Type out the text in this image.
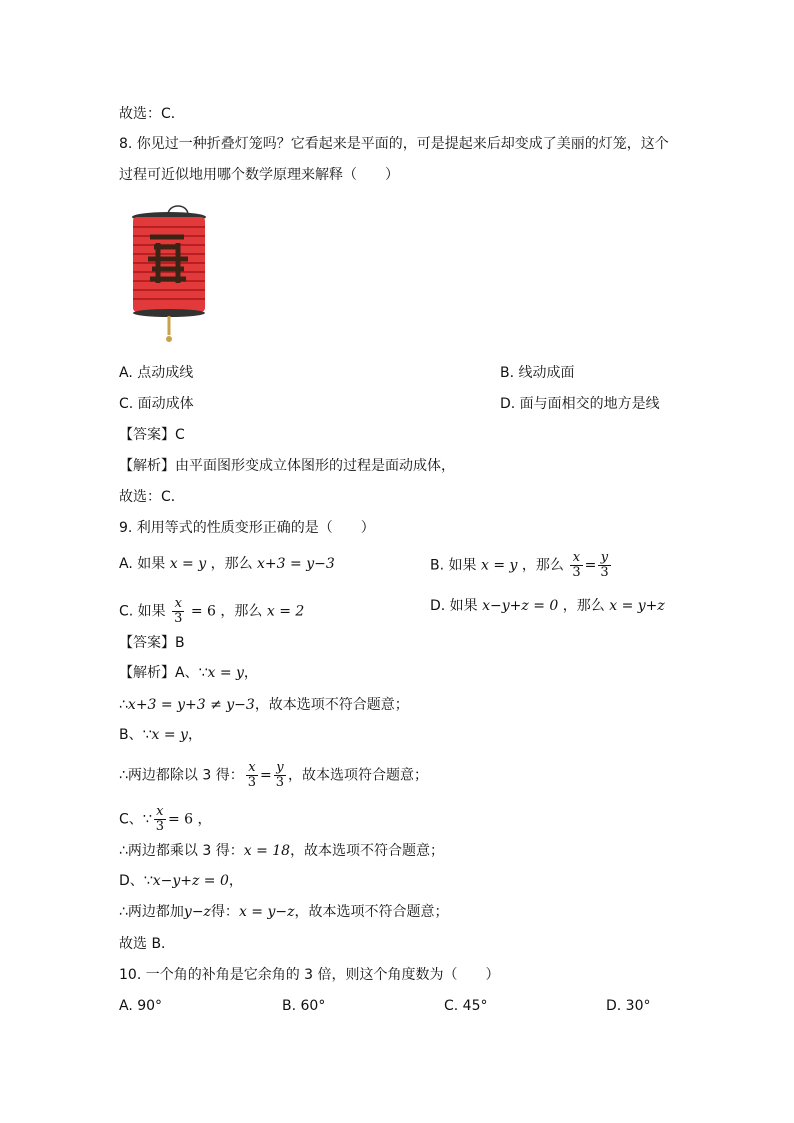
故选：C．
8. 你见过一种折叠灯笼吗？它看起来是平面的，可是提起来后却变成了美丽的灯笼，这个
过程可近似地用哪个数学原理来解释（　　）
A. 点动成线	B. 线动成面
C. 面动成体	D. 面与面相交的地方是线
【答案】C
【解析】由平面图形变成立体图形的过程是面动成体，
故选：C．
9. 利用等式的性质变形正确的是（　　）
A. 如果 x = y ，那么 x+3 = y−3	B. 如果 x = y ，那么 $\frac{x}{3} = \frac{y}{3}$
C. 如果 $\frac{x}{3} = 6$ ，那么 x = 2	D. 如果 x−y+z = 0 ，那么 x = y+z
【答案】B
【解析】A、∵x = y，
∴x+3 = y+3 ≠ y−3，故本选项不符合题意；
B、∵x = y，
∴两边都除以 3 得： $\frac{x}{3} = \frac{y}{3}$ ，故本选项符合题意；
C、∵ $\frac{x}{3} = 6$ ，
∴两边都乘以 3 得：x = 18，故本选项不符合题意；
D、∵x−y+z = 0，
∴两边都加y−z得：x = y−z，故本选项不符合题意；
故选 B．
10. 一个角的补角是它余角的 3 倍，则这个角度数为（　　）
A. 90°	B. 60°	C. 45°	D. 30°
